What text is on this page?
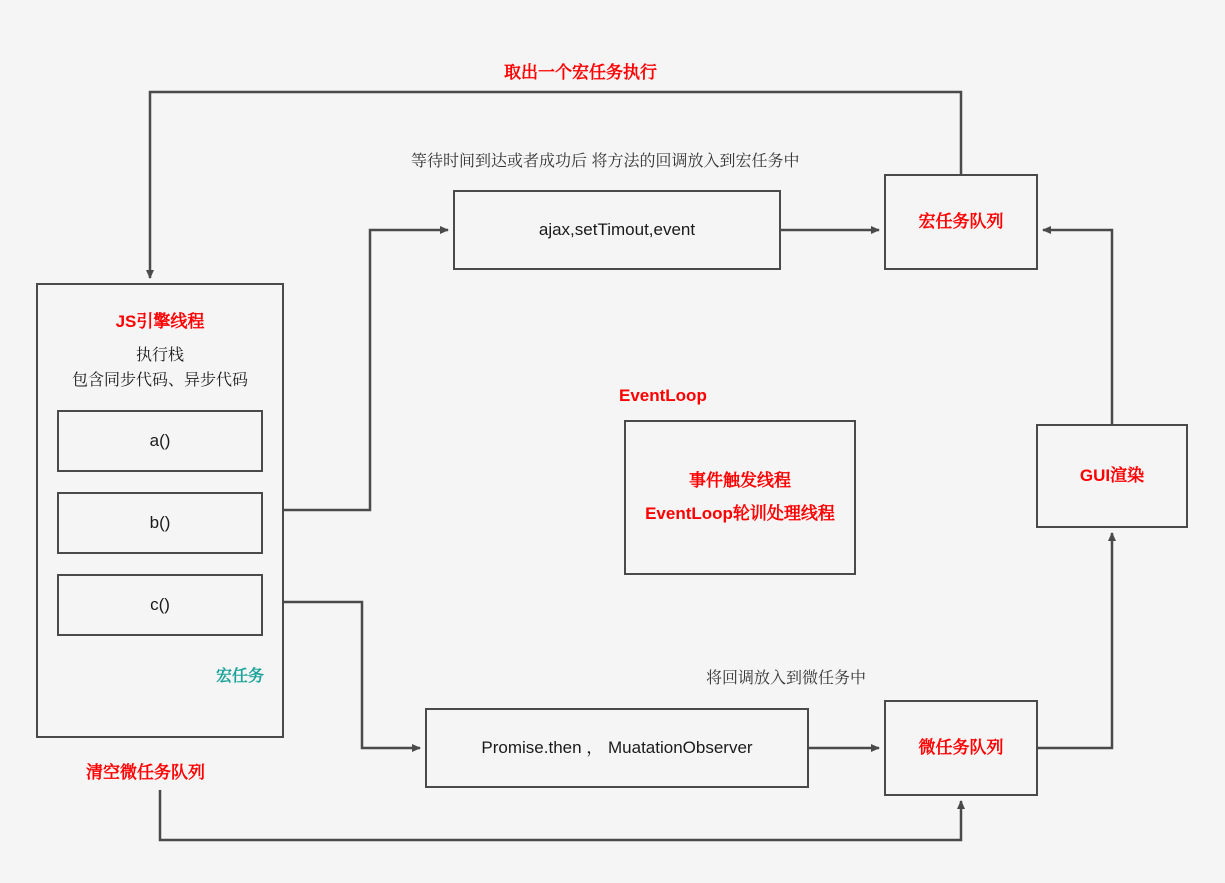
取出一个宏任务执行
等待时间到达或者成功后 将方法的回调放入到宏任务中
将回调放入到微任务中
EventLoop
清空微任务队列
JS引擎线程
执行栈
包含同步代码、异步代码
a()
b()
c()
宏任务
ajax,setTimout,event	宏任务队列
事件触发线程
EventLoop轮训处理线程
GUI渲染
Promise.then ， MuatationObserver	微任务队列
